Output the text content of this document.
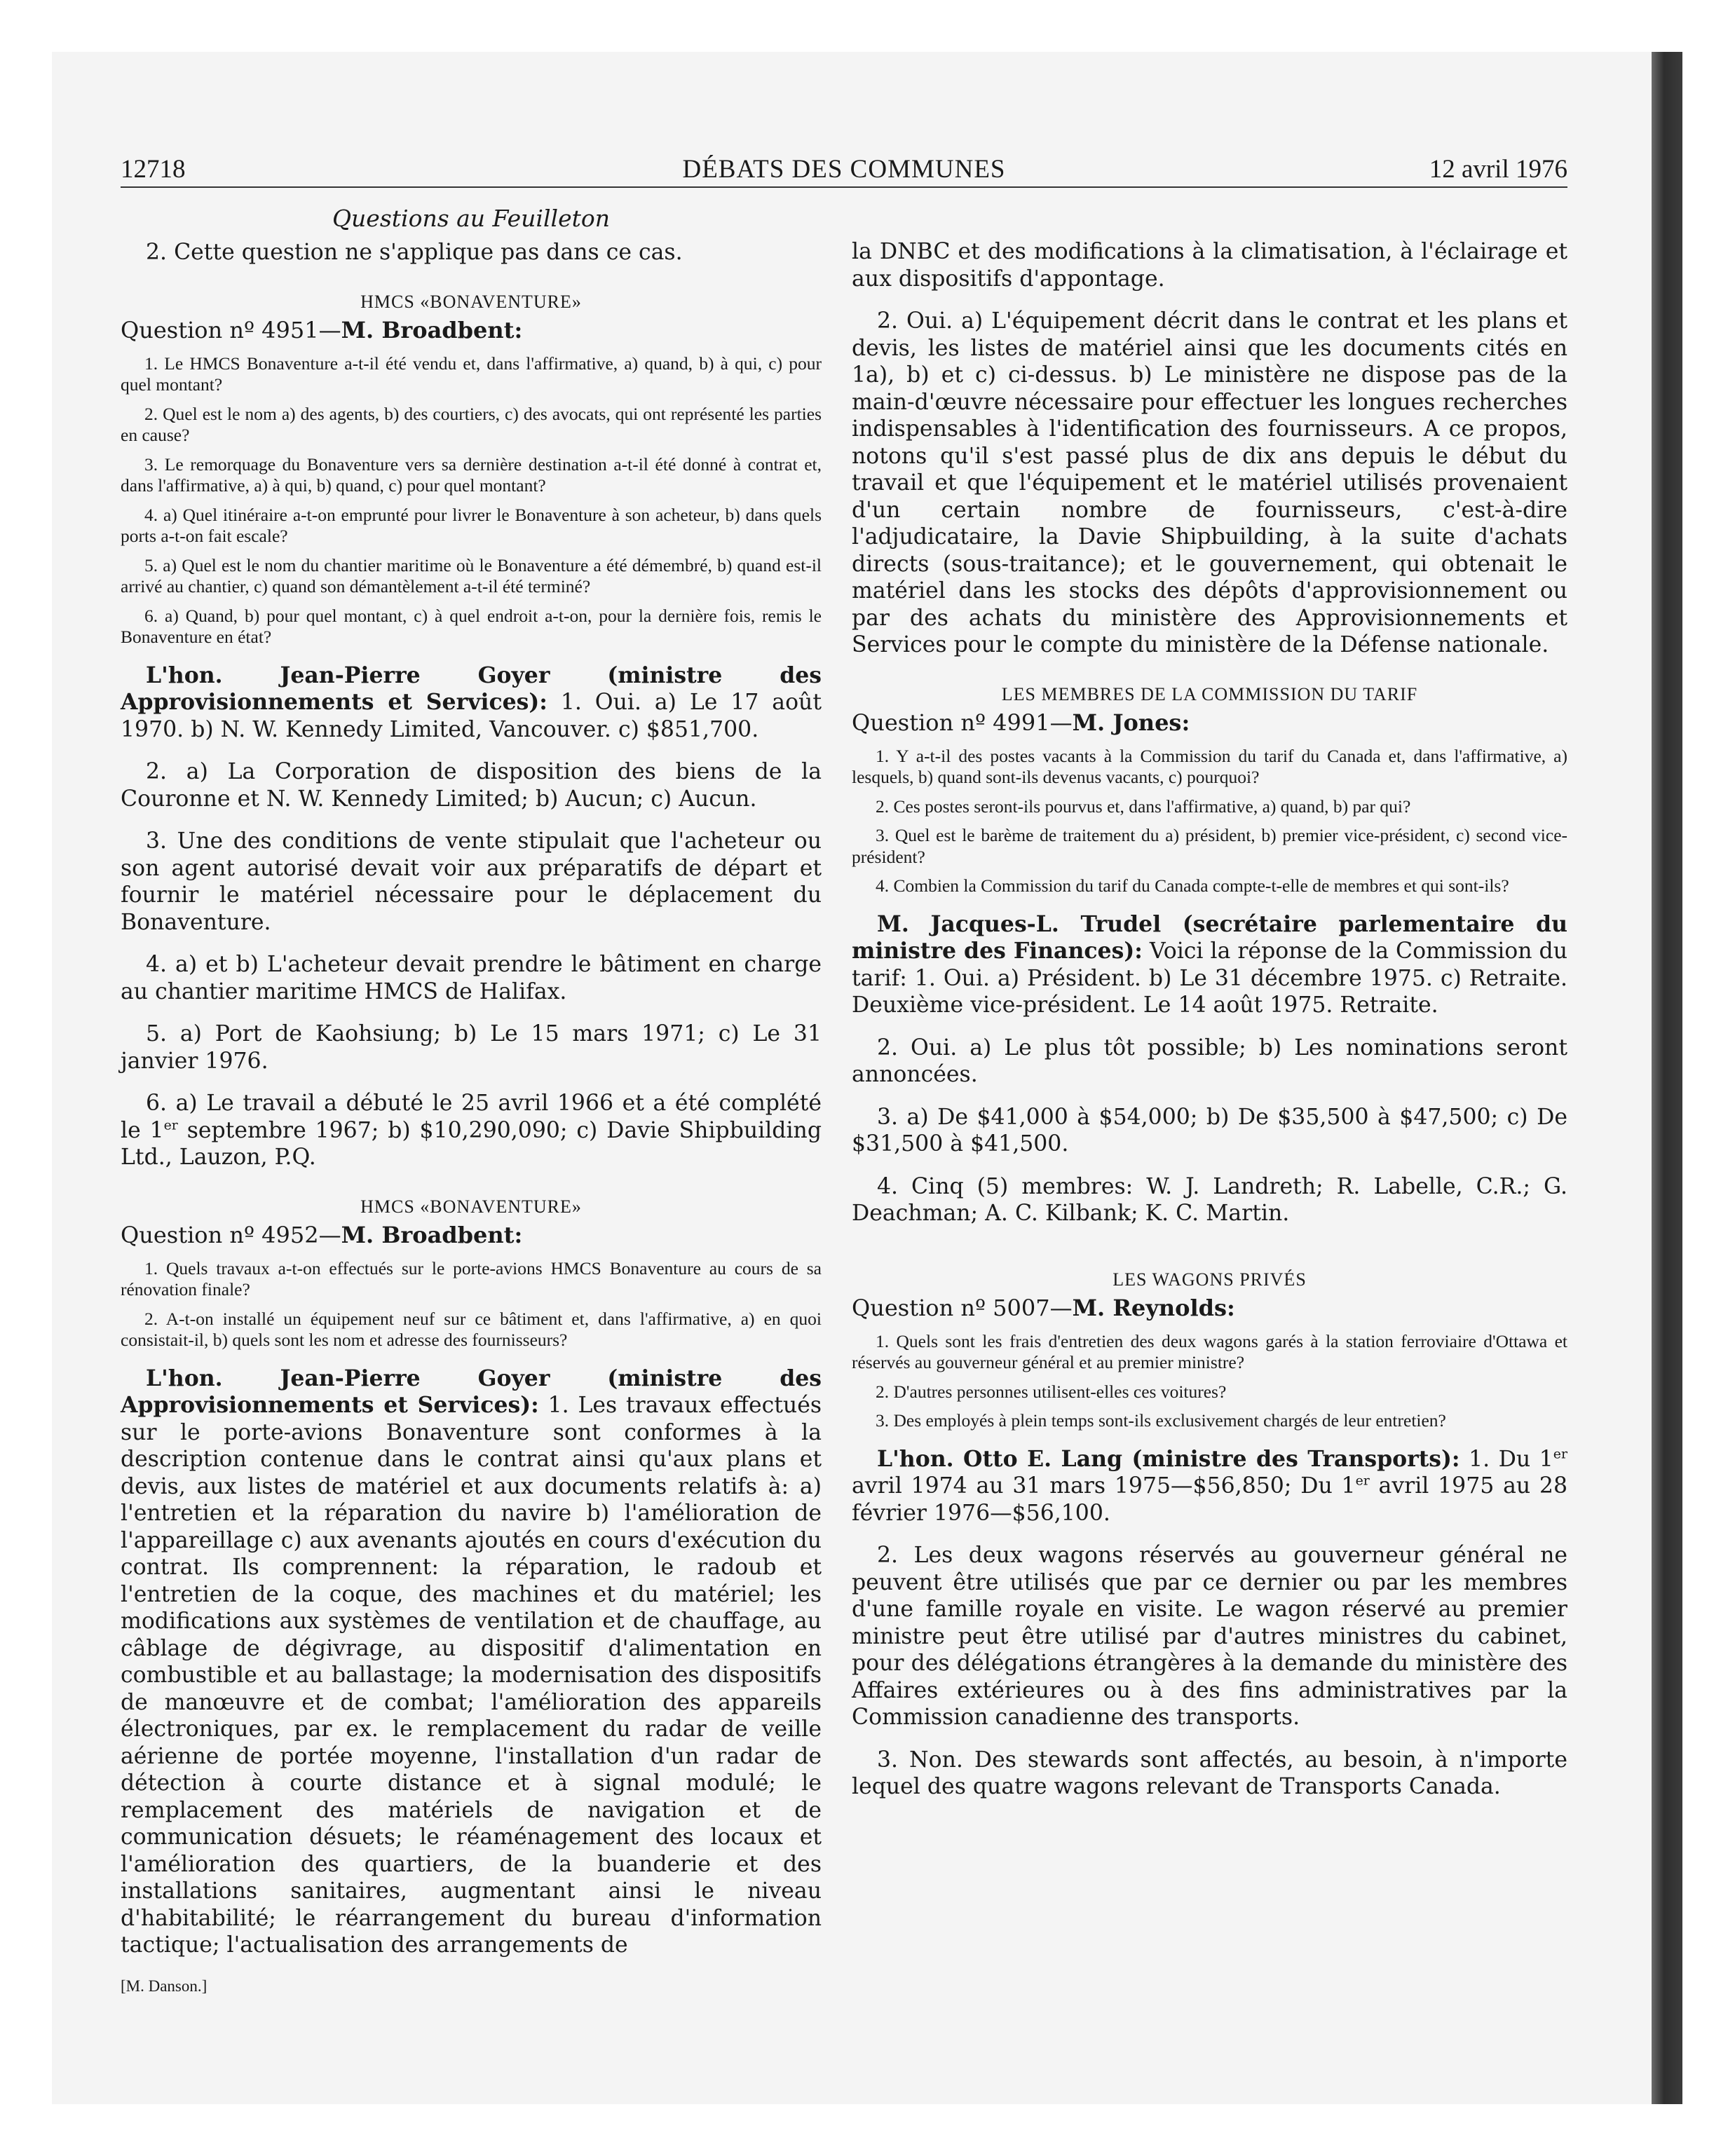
12718	DÉBATS DES COMMUNES	12 avril 1976
Questions au Feuilleton

2. Cette question ne s'applique pas dans ce cas.

HMCS «BONAVENTURE»
Question nº 4951—M. Broadbent:

1. Le HMCS Bonaventure a-t-il été vendu et, dans l'affirmative, a) quand, b) à qui, c) pour quel montant?

2. Quel est le nom a) des agents, b) des courtiers, c) des avocats, qui ont représenté les parties en cause?

3. Le remorquage du Bonaventure vers sa dernière destination a-t-il été donné à contrat et, dans l'affirmative, a) à qui, b) quand, c) pour quel montant?

4. a) Quel itinéraire a-t-on emprunté pour livrer le Bonaventure à son acheteur, b) dans quels ports a-t-on fait escale?

5. a) Quel est le nom du chantier maritime où le Bonaventure a été démembré, b) quand est-il arrivé au chantier, c) quand son démantèlement a-t-il été terminé?

6. a) Quand, b) pour quel montant, c) à quel endroit a-t-on, pour la dernière fois, remis le Bonaventure en état?

L'hon. Jean-Pierre Goyer (ministre des Approvisionnements et Services): 1. Oui. a) Le 17 août 1970. b) N. W. Kennedy Limited, Vancouver. c) $851,700.

2. a) La Corporation de disposition des biens de la Couronne et N. W. Kennedy Limited; b) Aucun; c) Aucun.

3. Une des conditions de vente stipulait que l'acheteur ou son agent autorisé devait voir aux préparatifs de départ et fournir le matériel nécessaire pour le déplacement du Bonaventure.

4. a) et b) L'acheteur devait prendre le bâtiment en charge au chantier maritime HMCS de Halifax.

5. a) Port de Kaohsiung; b) Le 15 mars 1971; c) Le 31 janvier 1976.

6. a) Le travail a débuté le 25 avril 1966 et a été complété le 1er septembre 1967; b) $10,290,090; c) Davie Shipbuilding Ltd., Lauzon, P.Q.

HMCS «BONAVENTURE»
Question nº 4952—M. Broadbent:

1. Quels travaux a-t-on effectués sur le porte-avions HMCS Bonaventure au cours de sa rénovation finale?

2. A-t-on installé un équipement neuf sur ce bâtiment et, dans l'affirmative, a) en quoi consistait-il, b) quels sont les nom et adresse des fournisseurs?

L'hon. Jean-Pierre Goyer (ministre des Approvisionnements et Services): 1. Les travaux effectués sur le porte-avions Bonaventure sont conformes à la description contenue dans le contrat ainsi qu'aux plans et devis, aux listes de matériel et aux documents relatifs à: a) l'entretien et la réparation du navire b) l'amélioration de l'appareillage c) aux avenants ajoutés en cours d'exécution du contrat. Ils comprennent: la réparation, le radoub et l'entretien de la coque, des machines et du matériel; les modifications aux systèmes de ventilation et de chauffage, au câblage de dégivrage, au dispositif d'alimentation en combustible et au ballastage; la modernisation des dispositifs de manœuvre et de combat; l'amélioration des appareils électroniques, par ex. le remplacement du radar de veille aérienne de portée moyenne, l'installation d'un radar de détection à courte distance et à signal modulé; le remplacement des matériels de navigation et de communication désuets; le réaménagement des locaux et l'amélioration des quartiers, de la buanderie et des installations sanitaires, augmentant ainsi le niveau d'habitabilité; le réarrangement du bureau d'information tactique; l'actualisation des arrangements de

[M. Danson.]

la DNBC et des modifications à la climatisation, à l'éclairage et aux dispositifs d'appontage.

2. Oui. a) L'équipement décrit dans le contrat et les plans et devis, les listes de matériel ainsi que les documents cités en 1a), b) et c) ci-dessus. b) Le ministère ne dispose pas de la main-d'œuvre nécessaire pour effectuer les longues recherches indispensables à l'identification des fournisseurs. A ce propos, notons qu'il s'est passé plus de dix ans depuis le début du travail et que l'équipement et le matériel utilisés provenaient d'un certain nombre de fournisseurs, c'est-à-dire l'adjudicataire, la Davie Shipbuilding, à la suite d'achats directs (sous-traitance); et le gouvernement, qui obtenait le matériel dans les stocks des dépôts d'approvisionnement ou par des achats du ministère des Approvisionnements et Services pour le compte du ministère de la Défense nationale.

LES MEMBRES DE LA COMMISSION DU TARIF
Question nº 4991—M. Jones:

1. Y a-t-il des postes vacants à la Commission du tarif du Canada et, dans l'affirmative, a) lesquels, b) quand sont-ils devenus vacants, c) pourquoi?

2. Ces postes seront-ils pourvus et, dans l'affirmative, a) quand, b) par qui?

3. Quel est le barème de traitement du a) président, b) premier vice-président, c) second vice-président?

4. Combien la Commission du tarif du Canada compte-t-elle de membres et qui sont-ils?

M. Jacques-L. Trudel (secrétaire parlementaire du ministre des Finances): Voici la réponse de la Commission du tarif: 1. Oui. a) Président. b) Le 31 décembre 1975. c) Retraite. Deuxième vice-président. Le 14 août 1975. Retraite.

2. Oui. a) Le plus tôt possible; b) Les nominations seront annoncées.

3. a) De $41,000 à $54,000; b) De $35,500 à $47,500; c) De $31,500 à $41,500.

4. Cinq (5) membres: W. J. Landreth; R. Labelle, C.R.; G. Deachman; A. C. Kilbank; K. C. Martin.

LES WAGONS PRIVÉS
Question nº 5007—M. Reynolds:

1. Quels sont les frais d'entretien des deux wagons garés à la station ferroviaire d'Ottawa et réservés au gouverneur général et au premier ministre?

2. D'autres personnes utilisent-elles ces voitures?

3. Des employés à plein temps sont-ils exclusivement chargés de leur entretien?

L'hon. Otto E. Lang (ministre des Transports): 1. Du 1er avril 1974 au 31 mars 1975—$56,850; Du 1er avril 1975 au 28 février 1976—$56,100.

2. Les deux wagons réservés au gouverneur général ne peuvent être utilisés que par ce dernier ou par les membres d'une famille royale en visite. Le wagon réservé au premier ministre peut être utilisé par d'autres ministres du cabinet, pour des délégations étrangères à la demande du ministère des Affaires extérieures ou à des fins administratives par la Commission canadienne des transports.

3. Non. Des stewards sont affectés, au besoin, à n'importe lequel des quatre wagons relevant de Transports Canada.
